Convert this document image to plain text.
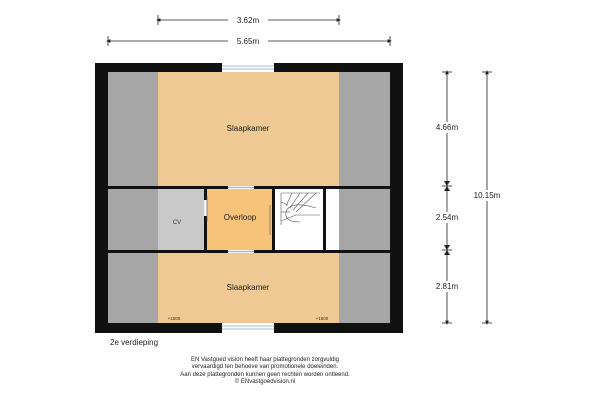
Slaapkamer
Overloop
CV
Slaapkamer
+1500	+1500
3.62m
5.65m
4.66m
2.54m
2.81m
10.15m
2e verdieping
EN Vastgoed vision heeft haar plattegronden zorgvuldig
vervaardigd ten behoeve van promotionele doeleinden.
Aan deze plattegronden kunnen geen rechten worden ontleend.
© ENvastgoedvision.nl
